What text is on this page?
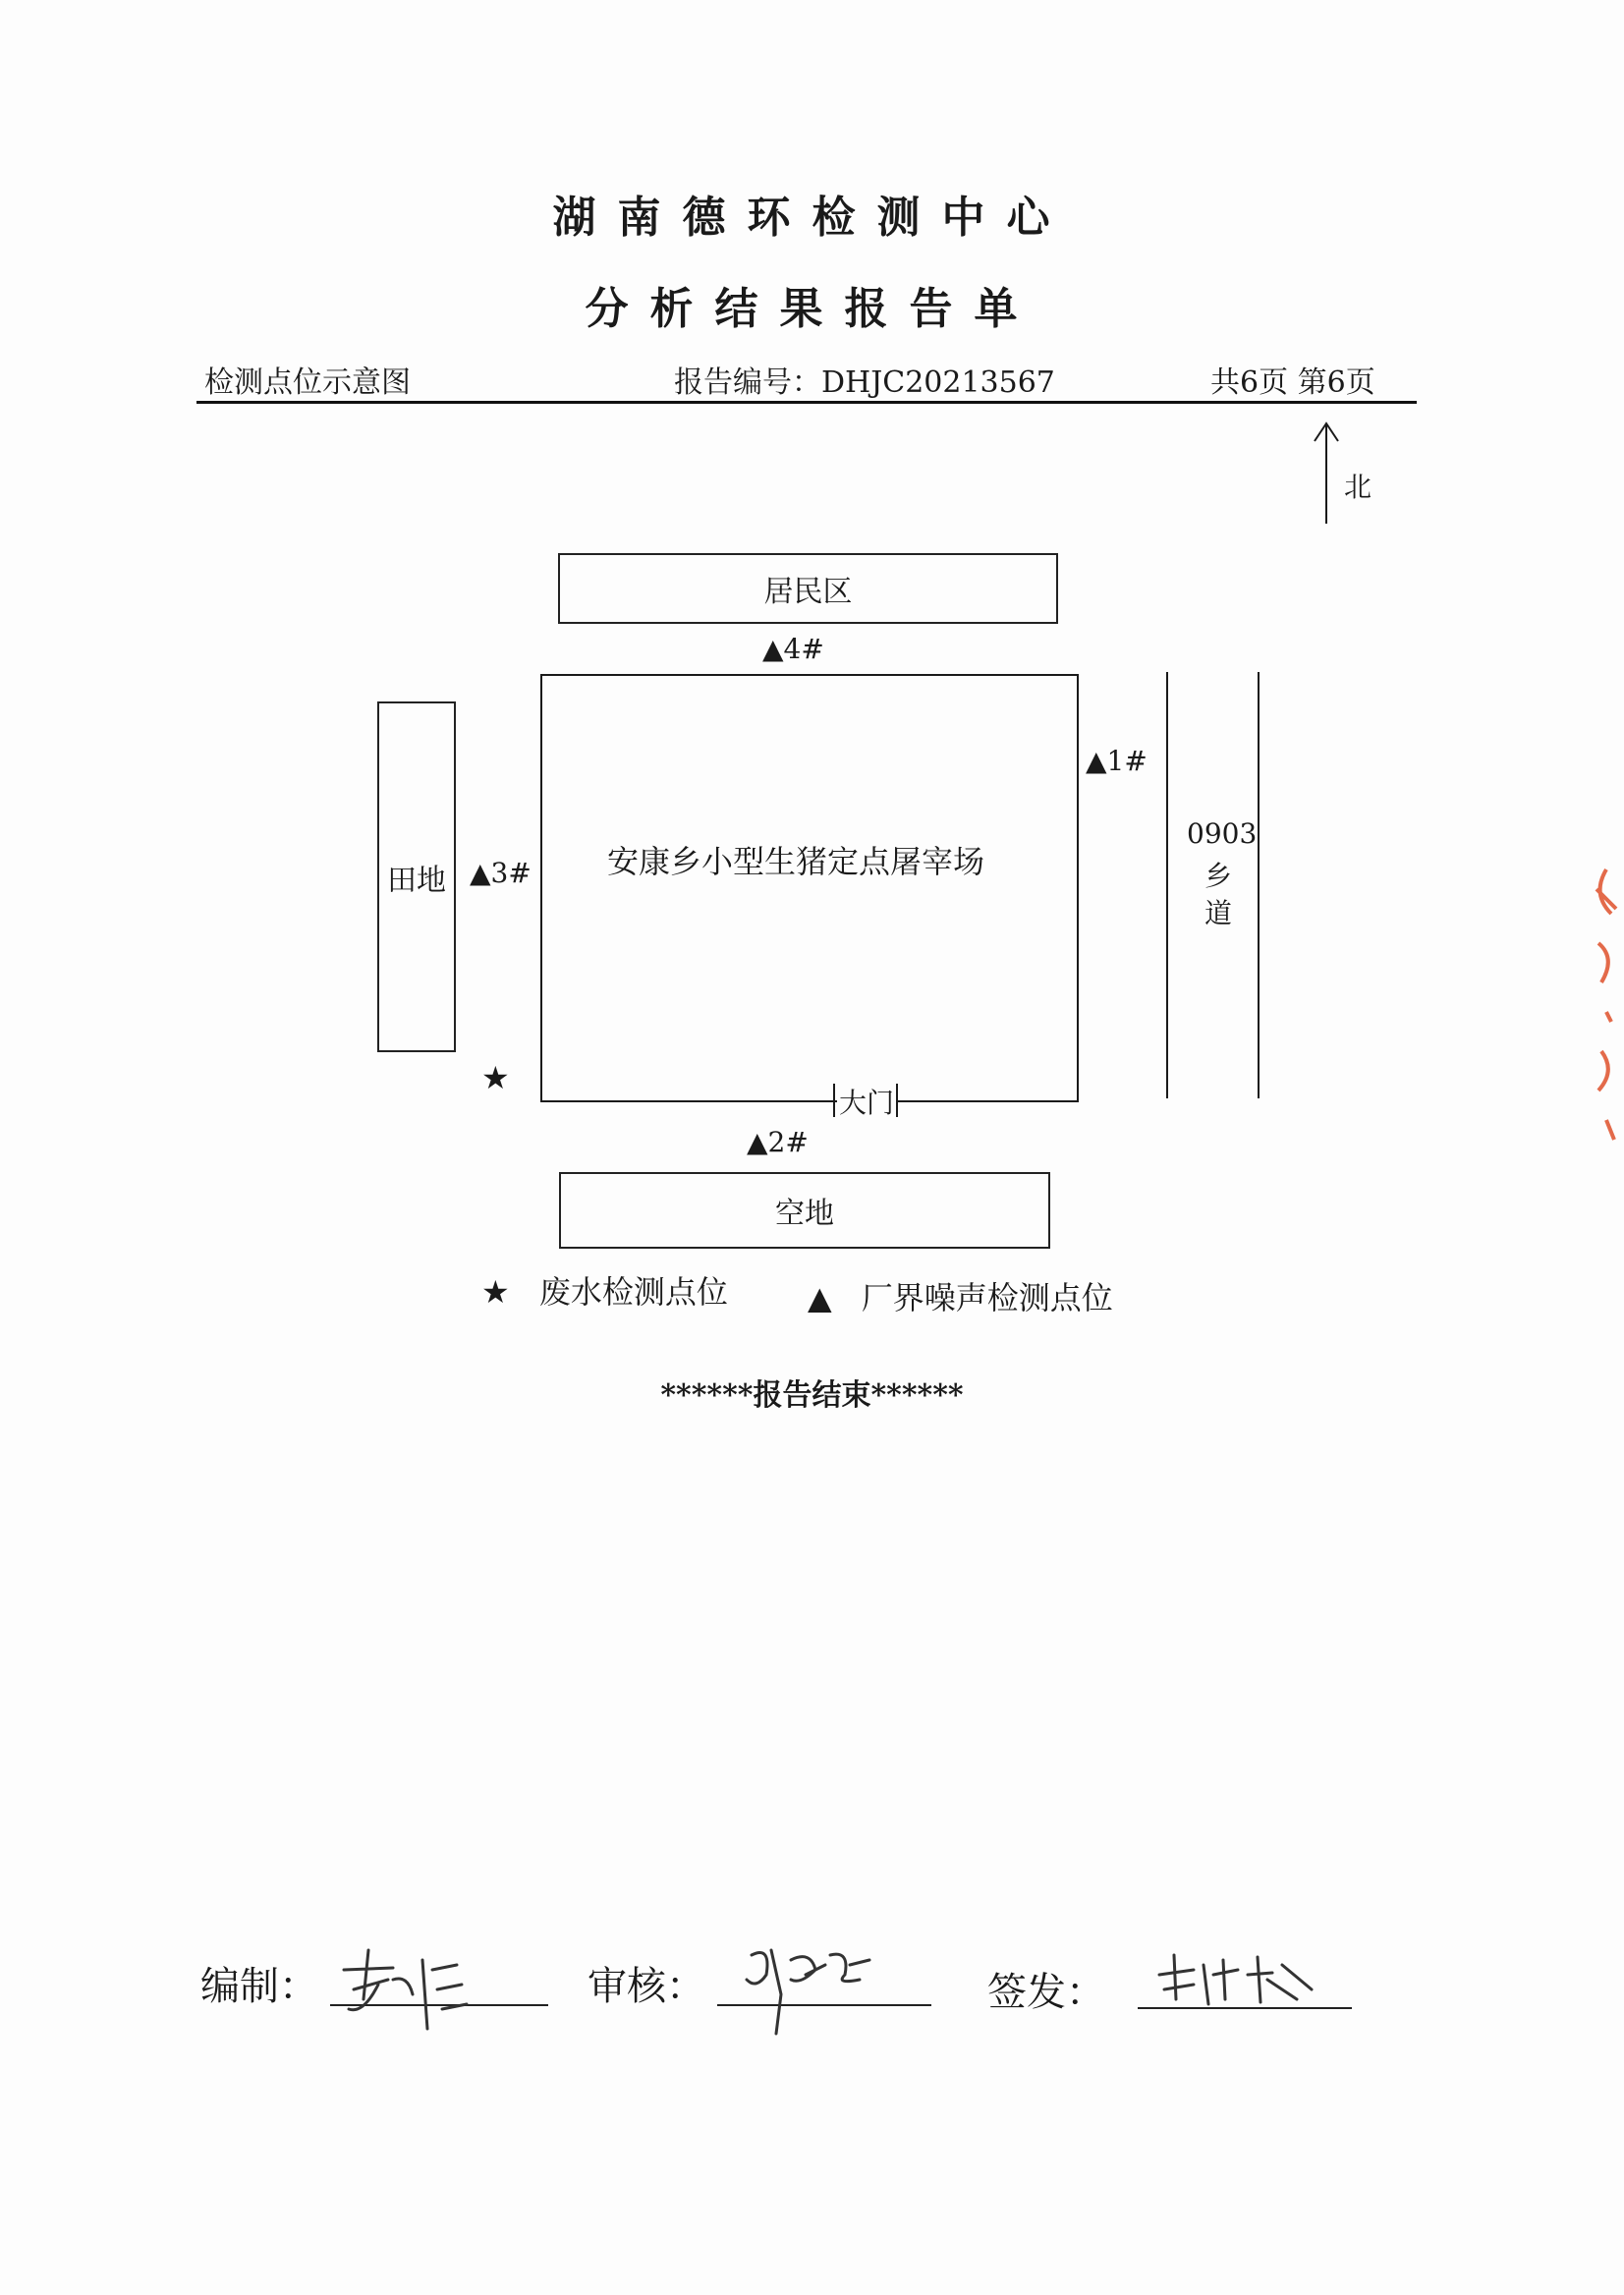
湖南德环检测中心
分析结果报告单
检测点位示意图	报告编号：DHJC20213567	共6页 第6页
北
居民区
▲4#
安康乡小型生猪定点屠宰场
大门
田地 ▲3#
★
▲1#
0903
乡
道
▲2#
空地
★ 废水检测点位	▲ 厂界噪声检测点位
******报告结束******
编制：	审核：	签发：
